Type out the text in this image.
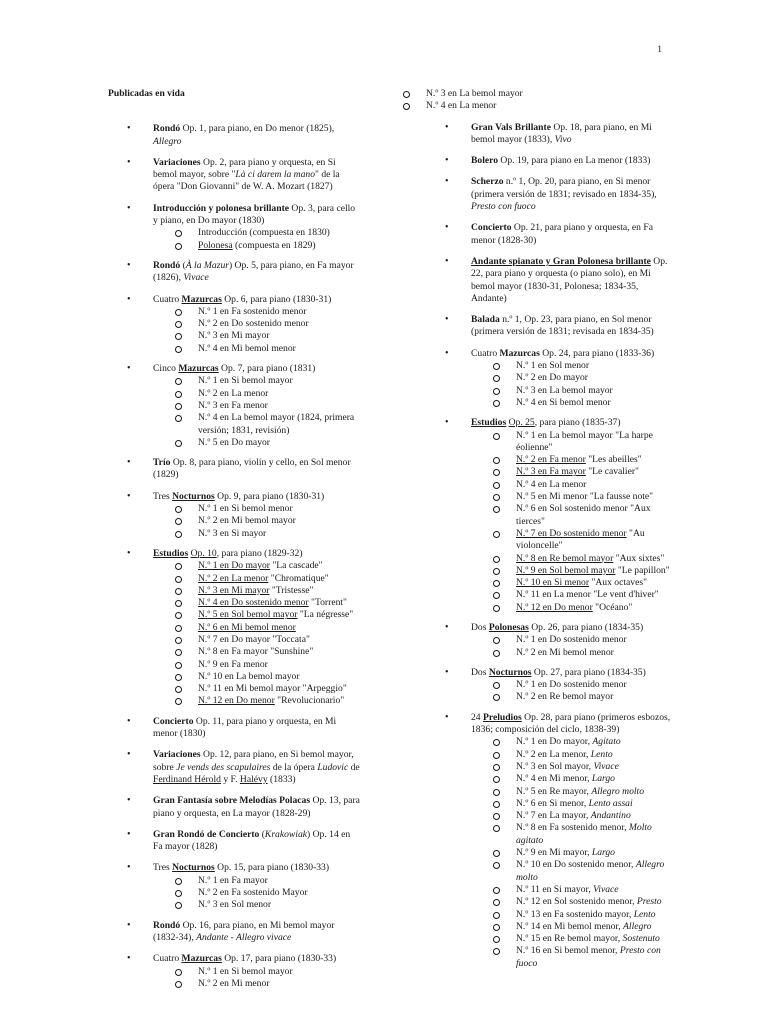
1
Publicadas en vida
• Rondó Op. 1, para piano, en Do menor (1825), Allegro
• Variaciones Op. 2, para piano y orquesta, en Si bemol mayor, sobre "Là ci darem la mano" de la ópera "Don Giovanni" de W. A. Mozart (1827)
• Introducción y polonesa brillante Op. 3, para cello y piano, en Do mayor (1830)
Introducción (compuesta en 1830)
Polonesa (compuesta en 1829)
• Rondó (À la Mazur) Op. 5, para piano, en Fa mayor (1826), Vivace
• Cuatro Mazurcas Op. 6, para piano (1830-31)
N.º 1 en Fa sostenido menor
N.º 2 en Do sostenido menor
N.º 3 en Mi mayor
N.º 4 en Mi bemol menor
• Cinco Mazurcas Op. 7, para piano (1831)
N.º 1 en Si bemol mayor
N.º 2 en La menor
N.º 3 en Fa menor
N.º 4 en La bemol mayor (1824, primera versión; 1831, revisión)
N.º 5 en Do mayor
• Trío Op. 8, para piano, violín y cello, en Sol menor (1829)
• Tres Nocturnos Op. 9, para piano (1830-31)
N.º 1 en Si bemol menor
N.º 2 en Mi bemol mayor
N.º 3 en Si mayor
• Estudios Op. 10, para piano (1829-32)
N.º 1 en Do mayor "La cascade"
N.º 2 en La menor "Chromatique"
N.º 3 en Mi mayor "Tristesse"
N.º 4 en Do sostenido menor "Torrent"
N.º 5 en Sol bemol mayor "La négresse"
N.º 6 en Mi bemol menor
N.º 7 en Do mayor "Toccata"
N.º 8 en Fa mayor "Sunshine"
N.º 9 en Fa menor
N.º 10 en La bemol mayor
N.º 11 en Mi bemol mayor "Arpeggio"
N.º 12 en Do menor "Revolucionario"
• Concierto Op. 11, para piano y orquesta, en Mi menor (1830)
• Variaciones Op. 12, para piano, en Si bemol mayor, sobre Je vends des scapulaires de la ópera Ludovic de Ferdinand Hérold y F. Halévy (1833)
• Gran Fantasía sobre Melodías Polacas Op. 13, para piano y orquesta, en La mayor (1828-29)
• Gran Rondó de Concierto (Krakowiak) Op. 14 en Fa mayor (1828)
• Tres Nocturnos Op. 15, para piano (1830-33)
N.º 1 en Fa mayor
N.º 2 en Fa sostenido Mayor
N.º 3 en Sol menor
• Rondó Op. 16, para piano, en Mi bemol mayor (1832-34), Andante - Allegro vivace
• Cuatro Mazurcas Op. 17, para piano (1830-33)
N.º 1 en Si bemol mayor
N.º 2 en Mi menor
N.º 3 en La bemol mayor
N.º 4 en La menor
• Gran Vals Brillante Op. 18, para piano, en Mi bemol mayor (1833), Vivo
• Bolero Op. 19, para piano en La menor (1833)
• Scherzo n.º 1, Op. 20, para piano, en Si menor (primera versión de 1831; revisado en 1834-35), Presto con fuoco
• Concierto Op. 21, para piano y orquesta, en Fa menor (1828-30)
• Andante spianato y Gran Polonesa brillante Op. 22, para piano y orquesta (o piano solo), en Mi bemol mayor (1830-31, Polonesa; 1834-35, Andante)
• Balada n.º 1, Op. 23, para piano, en Sol menor (primera versión de 1831; revisada en 1834-35)
• Cuatro Mazurcas Op. 24, para piano (1833-36)
N.º 1 en Sol menor
N.º 2 en Do mayor
N.º 3 en La bemol mayor
N.º 4 en Si bemol menor
• Estudios Op. 25, para piano (1835-37)
N.º 1 en La bemol mayor "La harpe éolienne"
N.º 2 en Fa menor "Les abeilles"
N.º 3 en Fa mayor "Le cavalier"
N.º 4 en La menor
N.º 5 en Mi menor "La fausse note"
N.º 6 en Sol sostenido menor "Aux tierces"
N.º 7 en Do sostenido menor "Au violoncelle"
N.º 8 en Re bemol mayor "Aux sixtes"
N.º 9 en Sol bemol mayor "Le papillon"
N.º 10 en Si menor "Aux octaves"
N.º 11 en La menor "Le vent d'hiver"
N.º 12 en Do menor "Océano"
• Dos Polonesas Op. 26, para piano (1834-35)
N.º 1 en Do sostenido menor
N.º 2 en Mi bemol menor
• Dos Nocturnos Op. 27, para piano (1834-35)
N.º 1 en Do sostenido menor
N.º 2 en Re bemol mayor
• 24 Preludios Op. 28, para piano (primeros esbozos, 1836; composición del ciclo, 1838-39)
N.º 1 en Do mayor, Agitato
N.º 2 en La menor, Lento
N.º 3 en Sol mayor, Vivace
N.º 4 en Mi menor, Largo
N.º 5 en Re mayor, Allegro molto
N.º 6 en Si menor, Lento assai
N.º 7 en La mayor, Andantino
N.º 8 en Fa sostenido menor, Molto agitato
N.º 9 en Mi mayor, Largo
N.º 10 en Do sostenido menor, Allegro molto
N.º 11 en Si mayor, Vivace
N.º 12 en Sol sostenido menor, Presto
N.º 13 en Fa sostenido mayor, Lento
N.º 14 en Mi bemol menor, Allegro
N.º 15 en Re bemol mayor, Sostenuto
N.º 16 en Si bemol menor, Presto con fuoco
